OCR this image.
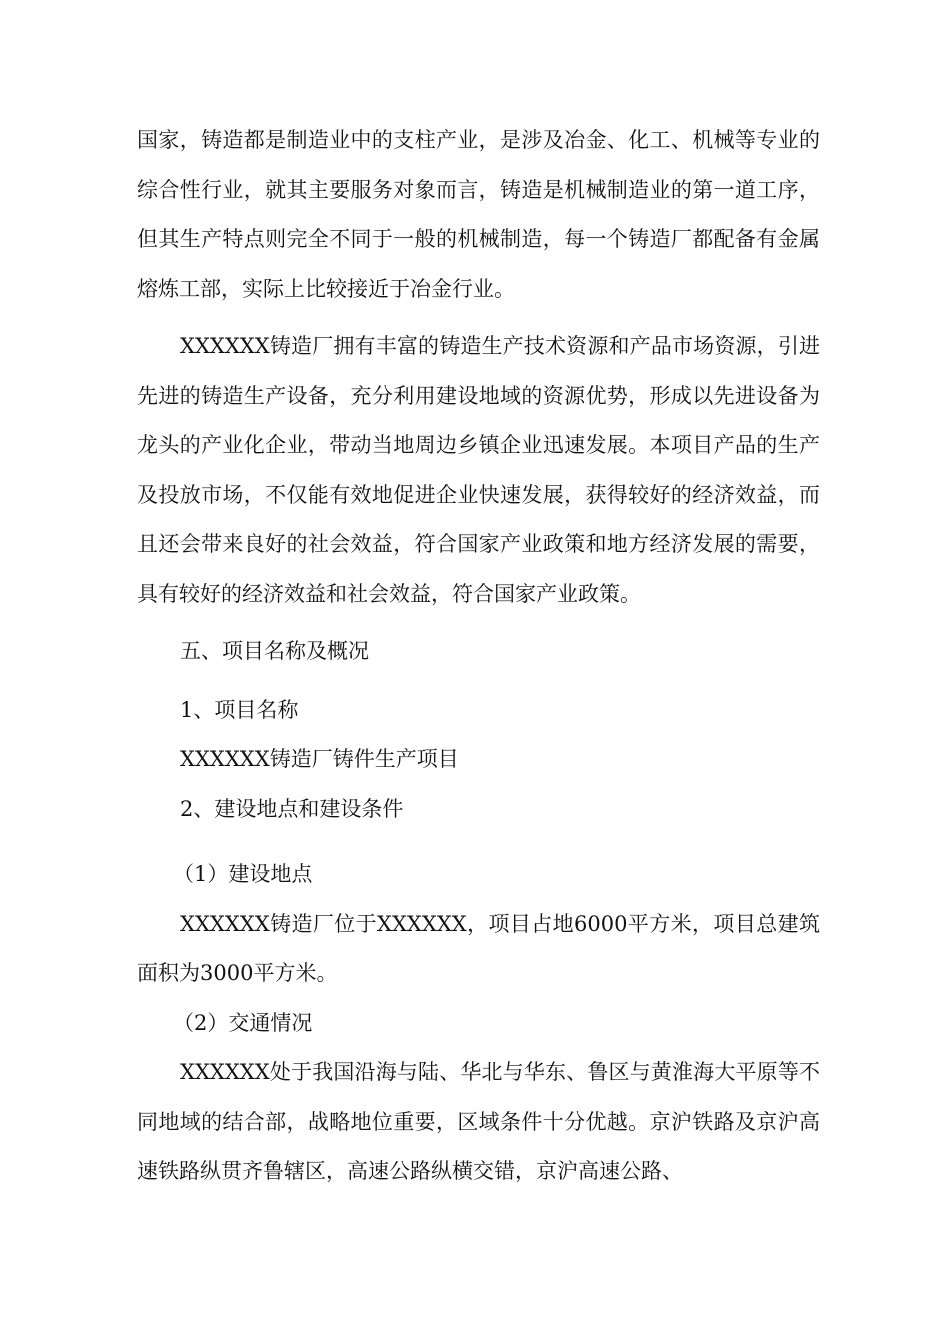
国家，铸造都是制造业中的支柱产业，是涉及冶金、化工、机械等专业的综合性行业，就其主要服务对象而言，铸造是机械制造业的第一道工序，但其生产特点则完全不同于一般的机械制造，每一个铸造厂都配备有金属熔炼工部，实际上比较接近于冶金行业。

XXXXXX铸造厂拥有丰富的铸造生产技术资源和产品市场资源，引进先进的铸造生产设备，充分利用建设地域的资源优势，形成以先进设备为龙头的产业化企业，带动当地周边乡镇企业迅速发展。本项目产品的生产及投放市场，不仅能有效地促进企业快速发展，获得较好的经济效益，而且还会带来良好的社会效益，符合国家产业政策和地方经济发展的需要，具有较好的经济效益和社会效益，符合国家产业政策。

五、项目名称及概况

1、项目名称

XXXXXX铸造厂铸件生产项目

2、建设地点和建设条件

（1）建设地点

XXXXXX铸造厂位于XXXXXX，项目占地6000平方米，项目总建筑面积为3000平方米。

（2）交通情况

XXXXXX处于我国沿海与陆、华北与华东、鲁区与黄淮海大平原等不同地域的结合部，战略地位重要，区域条件十分优越。京沪铁路及京沪高速铁路纵贯齐鲁辖区，高速公路纵横交错，京沪高速公路、
